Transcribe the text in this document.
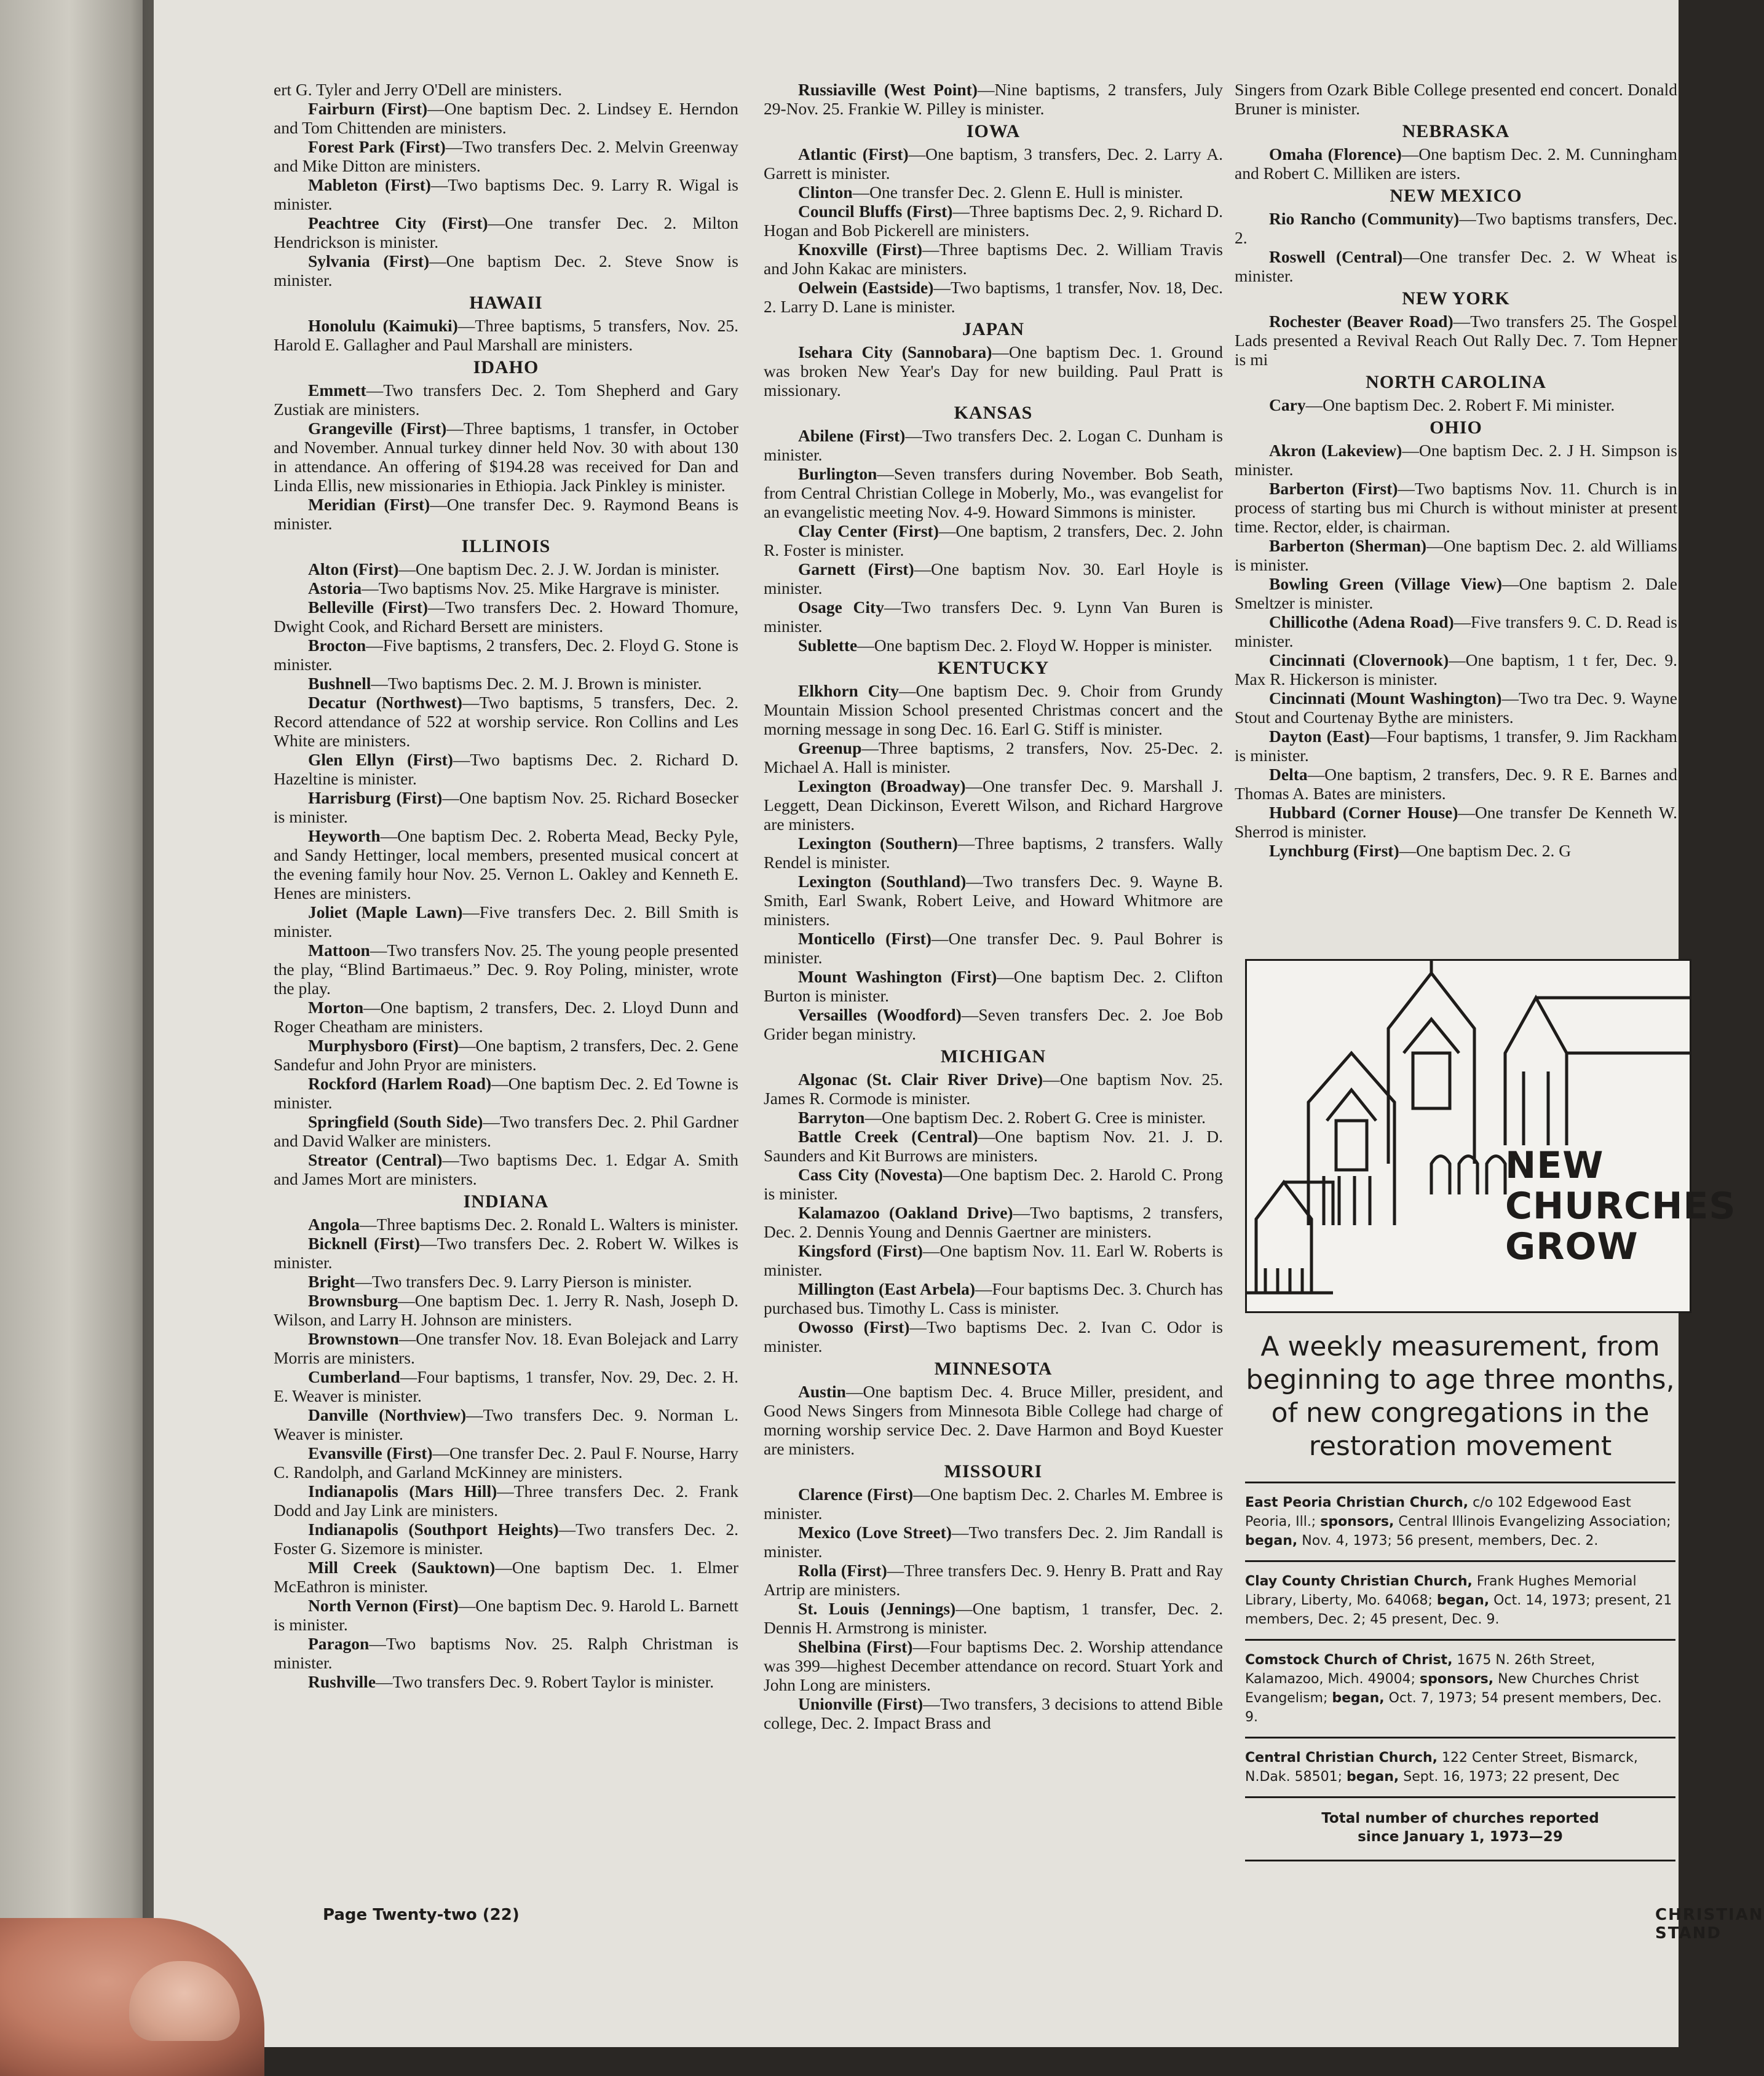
ert G. Tyler and Jerry O'Dell are ministers.

Fairburn (First)—One baptism Dec. 2. Lindsey E. Herndon and Tom Chittenden are ministers.

Forest Park (First)—Two transfers Dec. 2. Melvin Greenway and Mike Ditton are ministers.

Mableton (First)—Two baptisms Dec. 9. Larry R. Wigal is minister.

Peachtree City (First)—One transfer Dec. 2. Milton Hendrickson is minister.

Sylvania (First)—One baptism Dec. 2. Steve Snow is minister.

HAWAII

Honolulu (Kaimuki)—Three baptisms, 5 transfers, Nov. 25. Harold E. Gallagher and Paul Marshall are ministers.

IDAHO

Emmett—Two transfers Dec. 2. Tom Shepherd and Gary Zustiak are ministers.

Grangeville (First)—Three baptisms, 1 transfer, in October and November. Annual turkey dinner held Nov. 30 with about 130 in attendance. An offering of $194.28 was received for Dan and Linda Ellis, new missionaries in Ethiopia. Jack Pinkley is minister.

Meridian (First)—One transfer Dec. 9. Raymond Beans is minister.

ILLINOIS

Alton (First)—One baptism Dec. 2. J. W. Jordan is minister.

Astoria—Two baptisms Nov. 25. Mike Hargrave is minister.

Belleville (First)—Two transfers Dec. 2. Howard Thomure, Dwight Cook, and Richard Bersett are ministers.

Brocton—Five baptisms, 2 transfers, Dec. 2. Floyd G. Stone is minister.

Bushnell—Two baptisms Dec. 2. M. J. Brown is minister.

Decatur (Northwest)—Two baptisms, 5 transfers, Dec. 2. Record attendance of 522 at worship service. Ron Collins and Les White are ministers.

Glen Ellyn (First)—Two baptisms Dec. 2. Richard D. Hazeltine is minister.

Harrisburg (First)—One baptism Nov. 25. Richard Bosecker is minister.

Heyworth—One baptism Dec. 2. Roberta Mead, Becky Pyle, and Sandy Hettinger, local members, presented musical concert at the evening family hour Nov. 25. Vernon L. Oakley and Kenneth E. Henes are ministers.

Joliet (Maple Lawn)—Five transfers Dec. 2. Bill Smith is minister.

Mattoon—Two transfers Nov. 25. The young people presented the play, “Blind Bartimaeus.” Dec. 9. Roy Poling, minister, wrote the play.

Morton—One baptism, 2 transfers, Dec. 2. Lloyd Dunn and Roger Cheatham are ministers.

Murphysboro (First)—One baptism, 2 transfers, Dec. 2. Gene Sandefur and John Pryor are ministers.

Rockford (Harlem Road)—One baptism Dec. 2. Ed Towne is minister.

Springfield (South Side)—Two transfers Dec. 2. Phil Gardner and David Walker are ministers.

Streator (Central)—Two baptisms Dec. 1. Edgar A. Smith and James Mort are ministers.

INDIANA

Angola—Three baptisms Dec. 2. Ronald L. Walters is minister.

Bicknell (First)—Two transfers Dec. 2. Robert W. Wilkes is minister.

Bright—Two transfers Dec. 9. Larry Pierson is minister.

Brownsburg—One baptism Dec. 1. Jerry R. Nash, Joseph D. Wilson, and Larry H. Johnson are ministers.

Brownstown—One transfer Nov. 18. Evan Bolejack and Larry Morris are ministers.

Cumberland—Four baptisms, 1 transfer, Nov. 29, Dec. 2. H. E. Weaver is minister.

Danville (Northview)—Two transfers Dec. 9. Norman L. Weaver is minister.

Evansville (First)—One transfer Dec. 2. Paul F. Nourse, Harry C. Randolph, and Garland McKinney are ministers.

Indianapolis (Mars Hill)—Three transfers Dec. 2. Frank Dodd and Jay Link are ministers.

Indianapolis (Southport Heights)—Two transfers Dec. 2. Foster G. Sizemore is minister.

Mill Creek (Sauktown)—One baptism Dec. 1. Elmer McEathron is minister.

North Vernon (First)—One baptism Dec. 9. Harold L. Barnett is minister.

Paragon—Two baptisms Nov. 25. Ralph Christman is minister.

Rushville—Two transfers Dec. 9. Robert Taylor is minister.

Russiaville (West Point)—Nine baptisms, 2 transfers, July 29-Nov. 25. Frankie W. Pilley is minister.

IOWA

Atlantic (First)—One baptism, 3 transfers, Dec. 2. Larry A. Garrett is minister.

Clinton—One transfer Dec. 2. Glenn E. Hull is minister.

Council Bluffs (First)—Three baptisms Dec. 2, 9. Richard D. Hogan and Bob Pickerell are ministers.

Knoxville (First)—Three baptisms Dec. 2. William Travis and John Kakac are ministers.

Oelwein (Eastside)—Two baptisms, 1 transfer, Nov. 18, Dec. 2. Larry D. Lane is minister.

JAPAN

Isehara City (Sannobara)—One baptism Dec. 1. Ground was broken New Year's Day for new building. Paul Pratt is missionary.

KANSAS

Abilene (First)—Two transfers Dec. 2. Logan C. Dunham is minister.

Burlington—Seven transfers during November. Bob Seath, from Central Christian College in Moberly, Mo., was evangelist for an evangelistic meeting Nov. 4-9. Howard Simmons is minister.

Clay Center (First)—One baptism, 2 transfers, Dec. 2. John R. Foster is minister.

Garnett (First)—One baptism Nov. 30. Earl Hoyle is minister.

Osage City—Two transfers Dec. 9. Lynn Van Buren is minister.

Sublette—One baptism Dec. 2. Floyd W. Hopper is minister.

KENTUCKY

Elkhorn City—One baptism Dec. 9. Choir from Grundy Mountain Mission School presented Christmas concert and the morning message in song Dec. 16. Earl G. Stiff is minister.

Greenup—Three baptisms, 2 transfers, Nov. 25-Dec. 2. Michael A. Hall is minister.

Lexington (Broadway)—One transfer Dec. 9. Marshall J. Leggett, Dean Dickinson, Everett Wilson, and Richard Hargrove are ministers.

Lexington (Southern)—Three baptisms, 2 transfers. Wally Rendel is minister.

Lexington (Southland)—Two transfers Dec. 9. Wayne B. Smith, Earl Swank, Robert Leive, and Howard Whitmore are ministers.

Monticello (First)—One transfer Dec. 9. Paul Bohrer is minister.

Mount Washington (First)—One baptism Dec. 2. Clifton Burton is minister.

Versailles (Woodford)—Seven transfers Dec. 2. Joe Bob Grider began ministry.

MICHIGAN

Algonac (St. Clair River Drive)—One baptism Nov. 25. James R. Cormode is minister.

Barryton—One baptism Dec. 2. Robert G. Cree is minister.

Battle Creek (Central)—One baptism Nov. 21. J. D. Saunders and Kit Burrows are ministers.

Cass City (Novesta)—One baptism Dec. 2. Harold C. Prong is minister.

Kalamazoo (Oakland Drive)—Two baptisms, 2 transfers, Dec. 2. Dennis Young and Dennis Gaertner are ministers.

Kingsford (First)—One baptism Nov. 11. Earl W. Roberts is minister.

Millington (East Arbela)—Four baptisms Dec. 3. Church has purchased bus. Timothy L. Cass is minister.

Owosso (First)—Two baptisms Dec. 2. Ivan C. Odor is minister.

MINNESOTA

Austin—One baptism Dec. 4. Bruce Miller, president, and Good News Singers from Minnesota Bible College had charge of morning worship service Dec. 2. Dave Harmon and Boyd Kuester are ministers.

MISSOURI

Clarence (First)—One baptism Dec. 2. Charles M. Embree is minister.

Mexico (Love Street)—Two transfers Dec. 2. Jim Randall is minister.

Rolla (First)—Three transfers Dec. 9. Henry B. Pratt and Ray Artrip are ministers.

St. Louis (Jennings)—One baptism, 1 transfer, Dec. 2. Dennis H. Armstrong is minister.

Shelbina (First)—Four baptisms Dec. 2. Worship attendance was 399—highest December attendance on record. Stuart York and John Long are ministers.

Unionville (First)—Two transfers, 3 decisions to attend Bible college, Dec. 2. Impact Brass and

Singers from Ozark Bible College presented end concert. Donald Bruner is minister.

NEBRASKA

Omaha (Florence)—One baptism Dec. 2. M. Cunningham and Robert C. Milliken are isters.

NEW MEXICO

Rio Rancho (Community)—Two baptisms transfers, Dec. 2.

Roswell (Central)—One transfer Dec. 2. W Wheat is minister.

NEW YORK

Rochester (Beaver Road)—Two transfers 25. The Gospel Lads presented a Revival Reach Out Rally Dec. 7. Tom Hepner is mi

NORTH CAROLINA

Cary—One baptism Dec. 2. Robert F. Mi minister.

OHIO

Akron (Lakeview)—One baptism Dec. 2. J H. Simpson is minister.

Barberton (First)—Two baptisms Nov. 11. Church is in process of starting bus mi Church is without minister at present time. Rector, elder, is chairman.

Barberton (Sherman)—One baptism Dec. 2. ald Williams is minister.

Bowling Green (Village View)—One baptism 2. Dale Smeltzer is minister.

Chillicothe (Adena Road)—Five transfers 9. C. D. Read is minister.

Cincinnati (Clovernook)—One baptism, 1 t fer, Dec. 9. Max R. Hickerson is minister.

Cincinnati (Mount Washington)—Two tra Dec. 9. Wayne Stout and Courtenay Bythe are ministers.

Dayton (East)—Four baptisms, 1 transfer, 9. Jim Rackham is minister.

Delta—One baptism, 2 transfers, Dec. 9. R E. Barnes and Thomas A. Bates are ministers.

Hubbard (Corner House)—One transfer De Kenneth W. Sherrod is minister.

Lynchburg (First)—One baptism Dec. 2. G

NEW
CHURCHES
GROW
A weekly measurement, from beginning to age three months, of new congregations in the restoration movement
East Peoria Christian Church, c/o 102 Edgewood East Peoria, Ill.; sponsors, Central Illinois Evangelizing Association; began, Nov. 4, 1973; 56 present, members, Dec. 2.
Clay County Christian Church, Frank Hughes Memorial Library, Liberty, Mo. 64068; began, Oct. 14, 1973; present, 21 members, Dec. 2; 45 present, Dec. 9.
Comstock Church of Christ, 1675 N. 26th Street, Kalamazoo, Mich. 49004; sponsors, New Churches Christ Evangelism; began, Oct. 7, 1973; 54 present members, Dec. 9.
Central Christian Church, 122 Center Street, Bismarck, N.Dak. 58501; began, Sept. 16, 1973; 22 present, Dec
Total number of churches reported
since January 1, 1973—29
Page Twenty-two (22)	CHRISTIAN STAND
